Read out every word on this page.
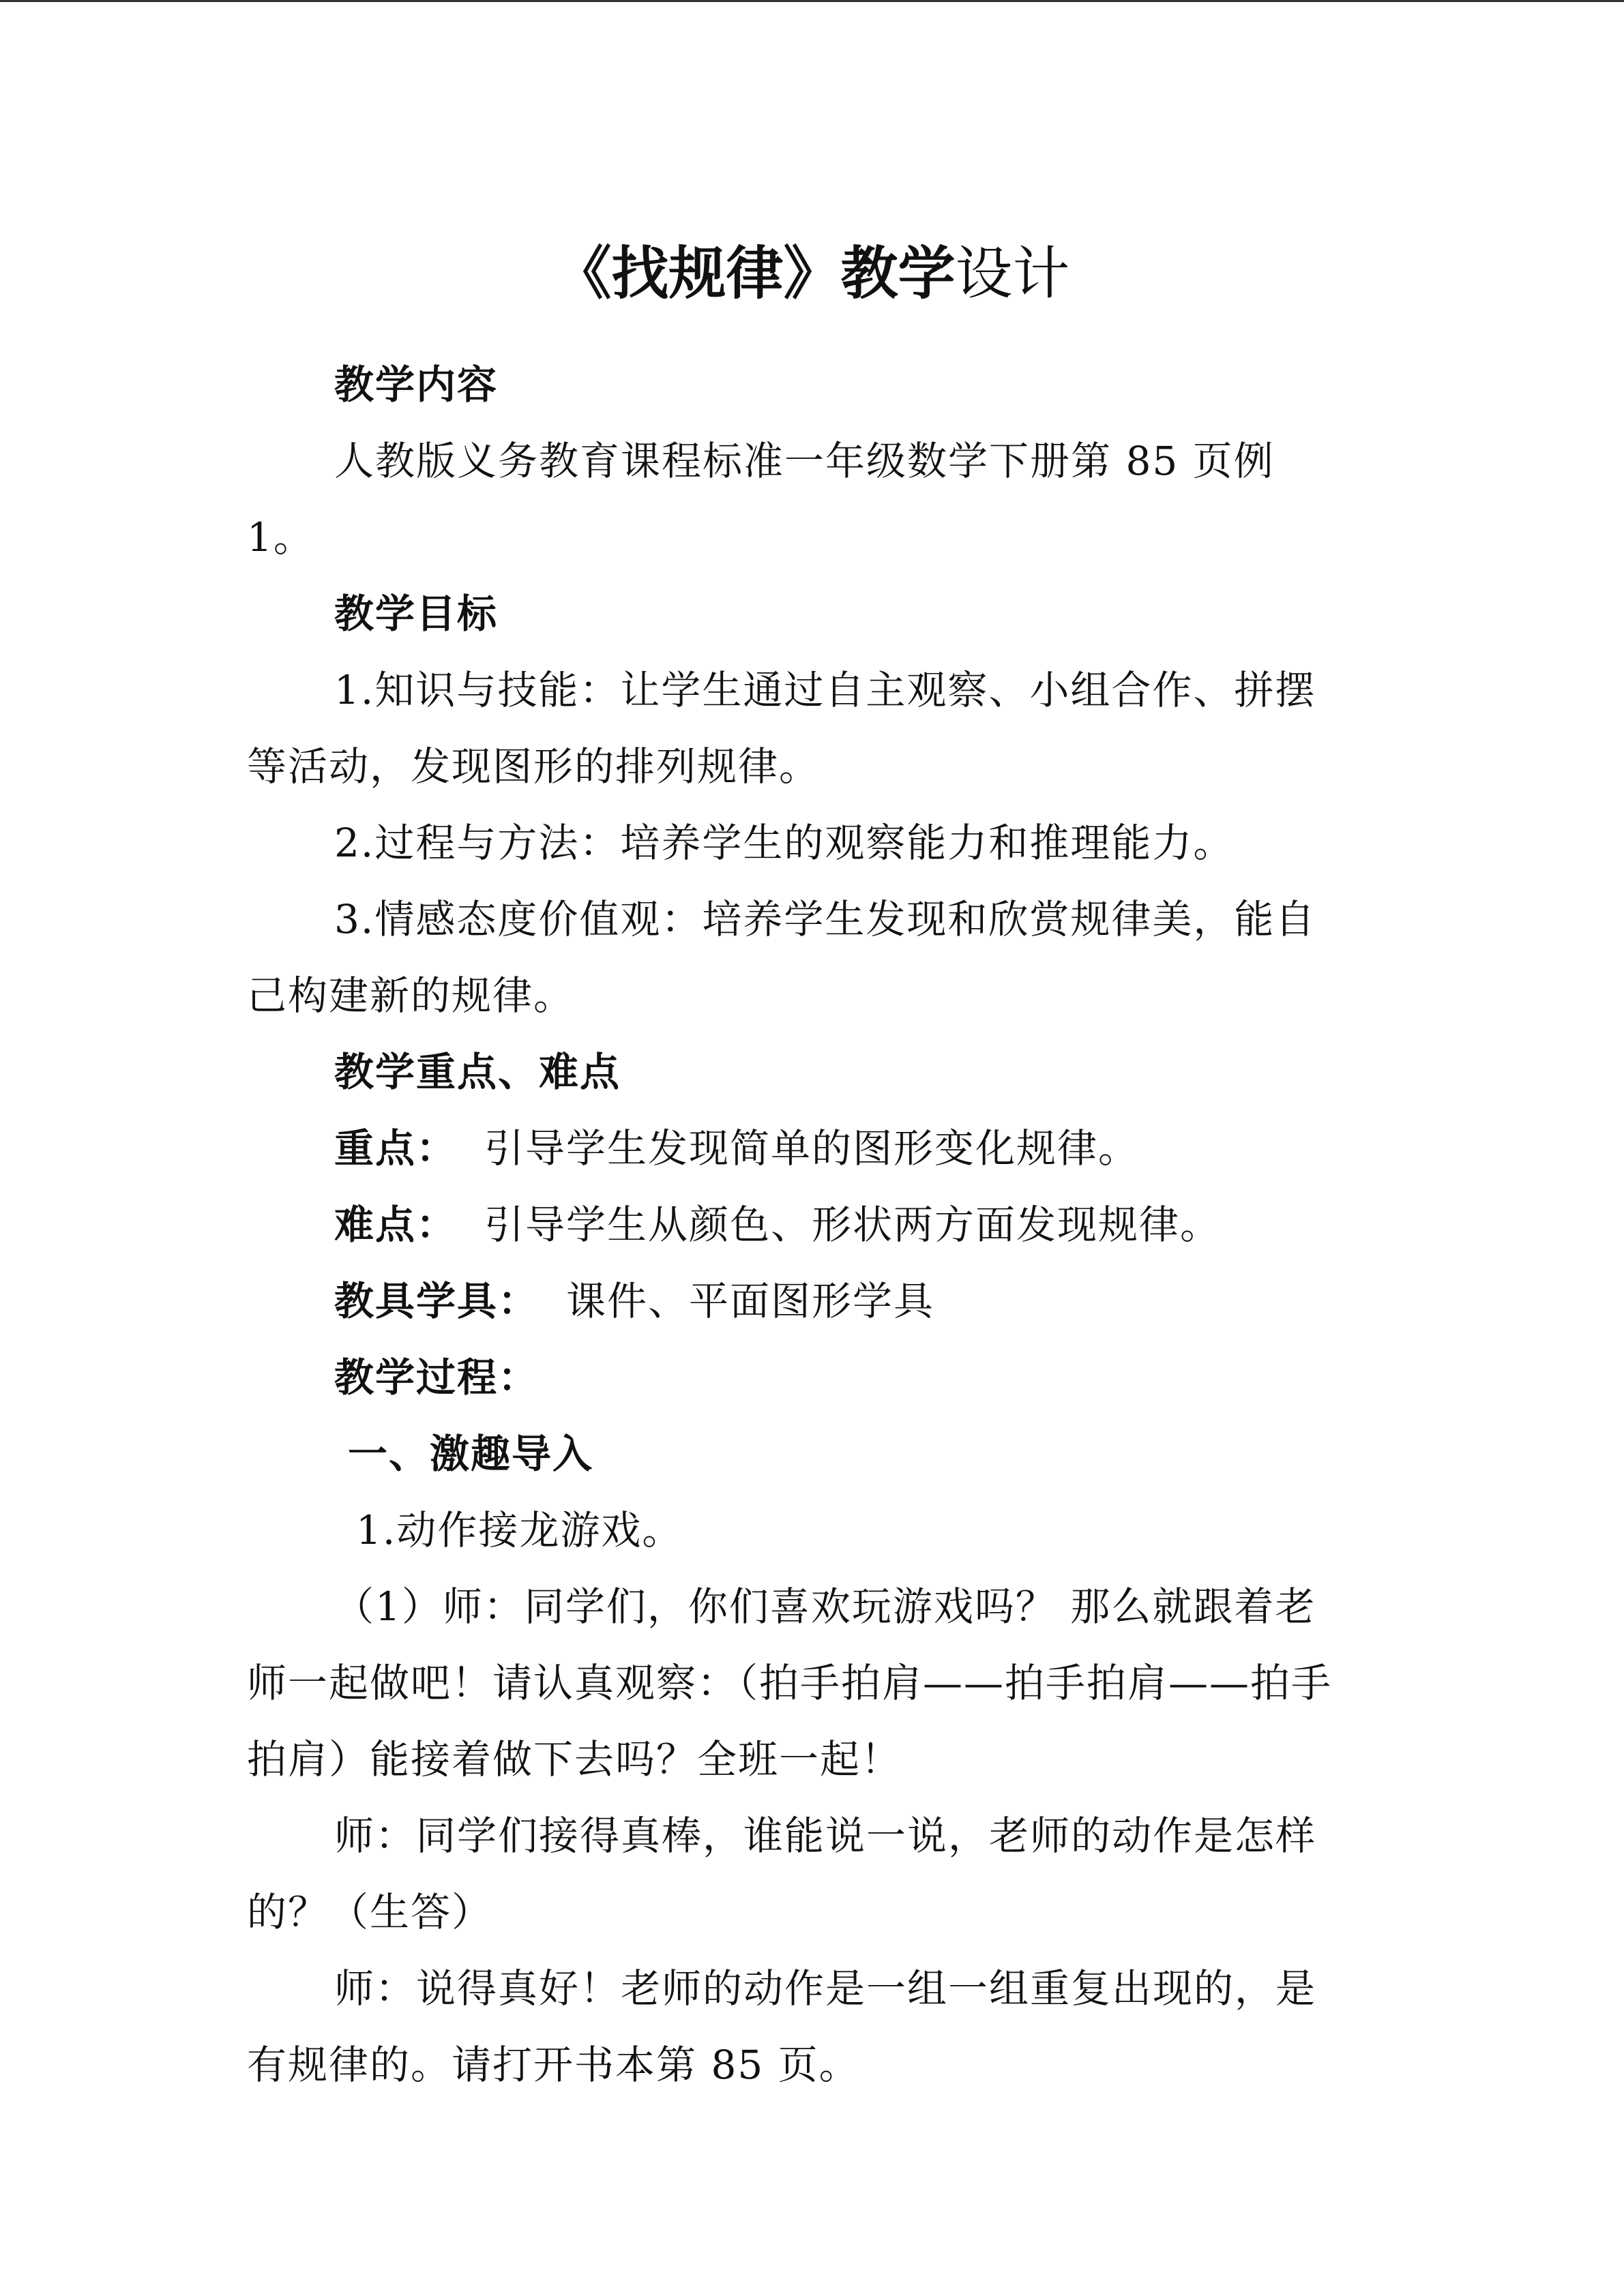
《找规律》教学设计

教学内容

人教版义务教育课程标准一年级数学下册第 85 页例1。

教学目标

1.知识与技能：让学生通过自主观察、小组合作、拼摆等活动，发现图形的排列规律。

2.过程与方法：培养学生的观察能力和推理能力。

3.情感态度价值观：培养学生发现和欣赏规律美，能自己构建新的规律。

教学重点、难点

重点： 引导学生发现简单的图形变化规律。

难点： 引导学生从颜色、形状两方面发现规律。

教具学具： 课件、平面图形学具

教学过程：

一、激趣导入

1.动作接龙游戏。

（1）师：同学们，你们喜欢玩游戏吗？ 那么就跟着老师一起做吧！请认真观察：（拍手拍肩——拍手拍肩——拍手拍肩）能接着做下去吗？全班一起！

师：同学们接得真棒，谁能说一说，老师的动作是怎样的？（生答）

师：说得真好！老师的动作是一组一组重复出现的，是有规律的。请打开书本第 85 页。
